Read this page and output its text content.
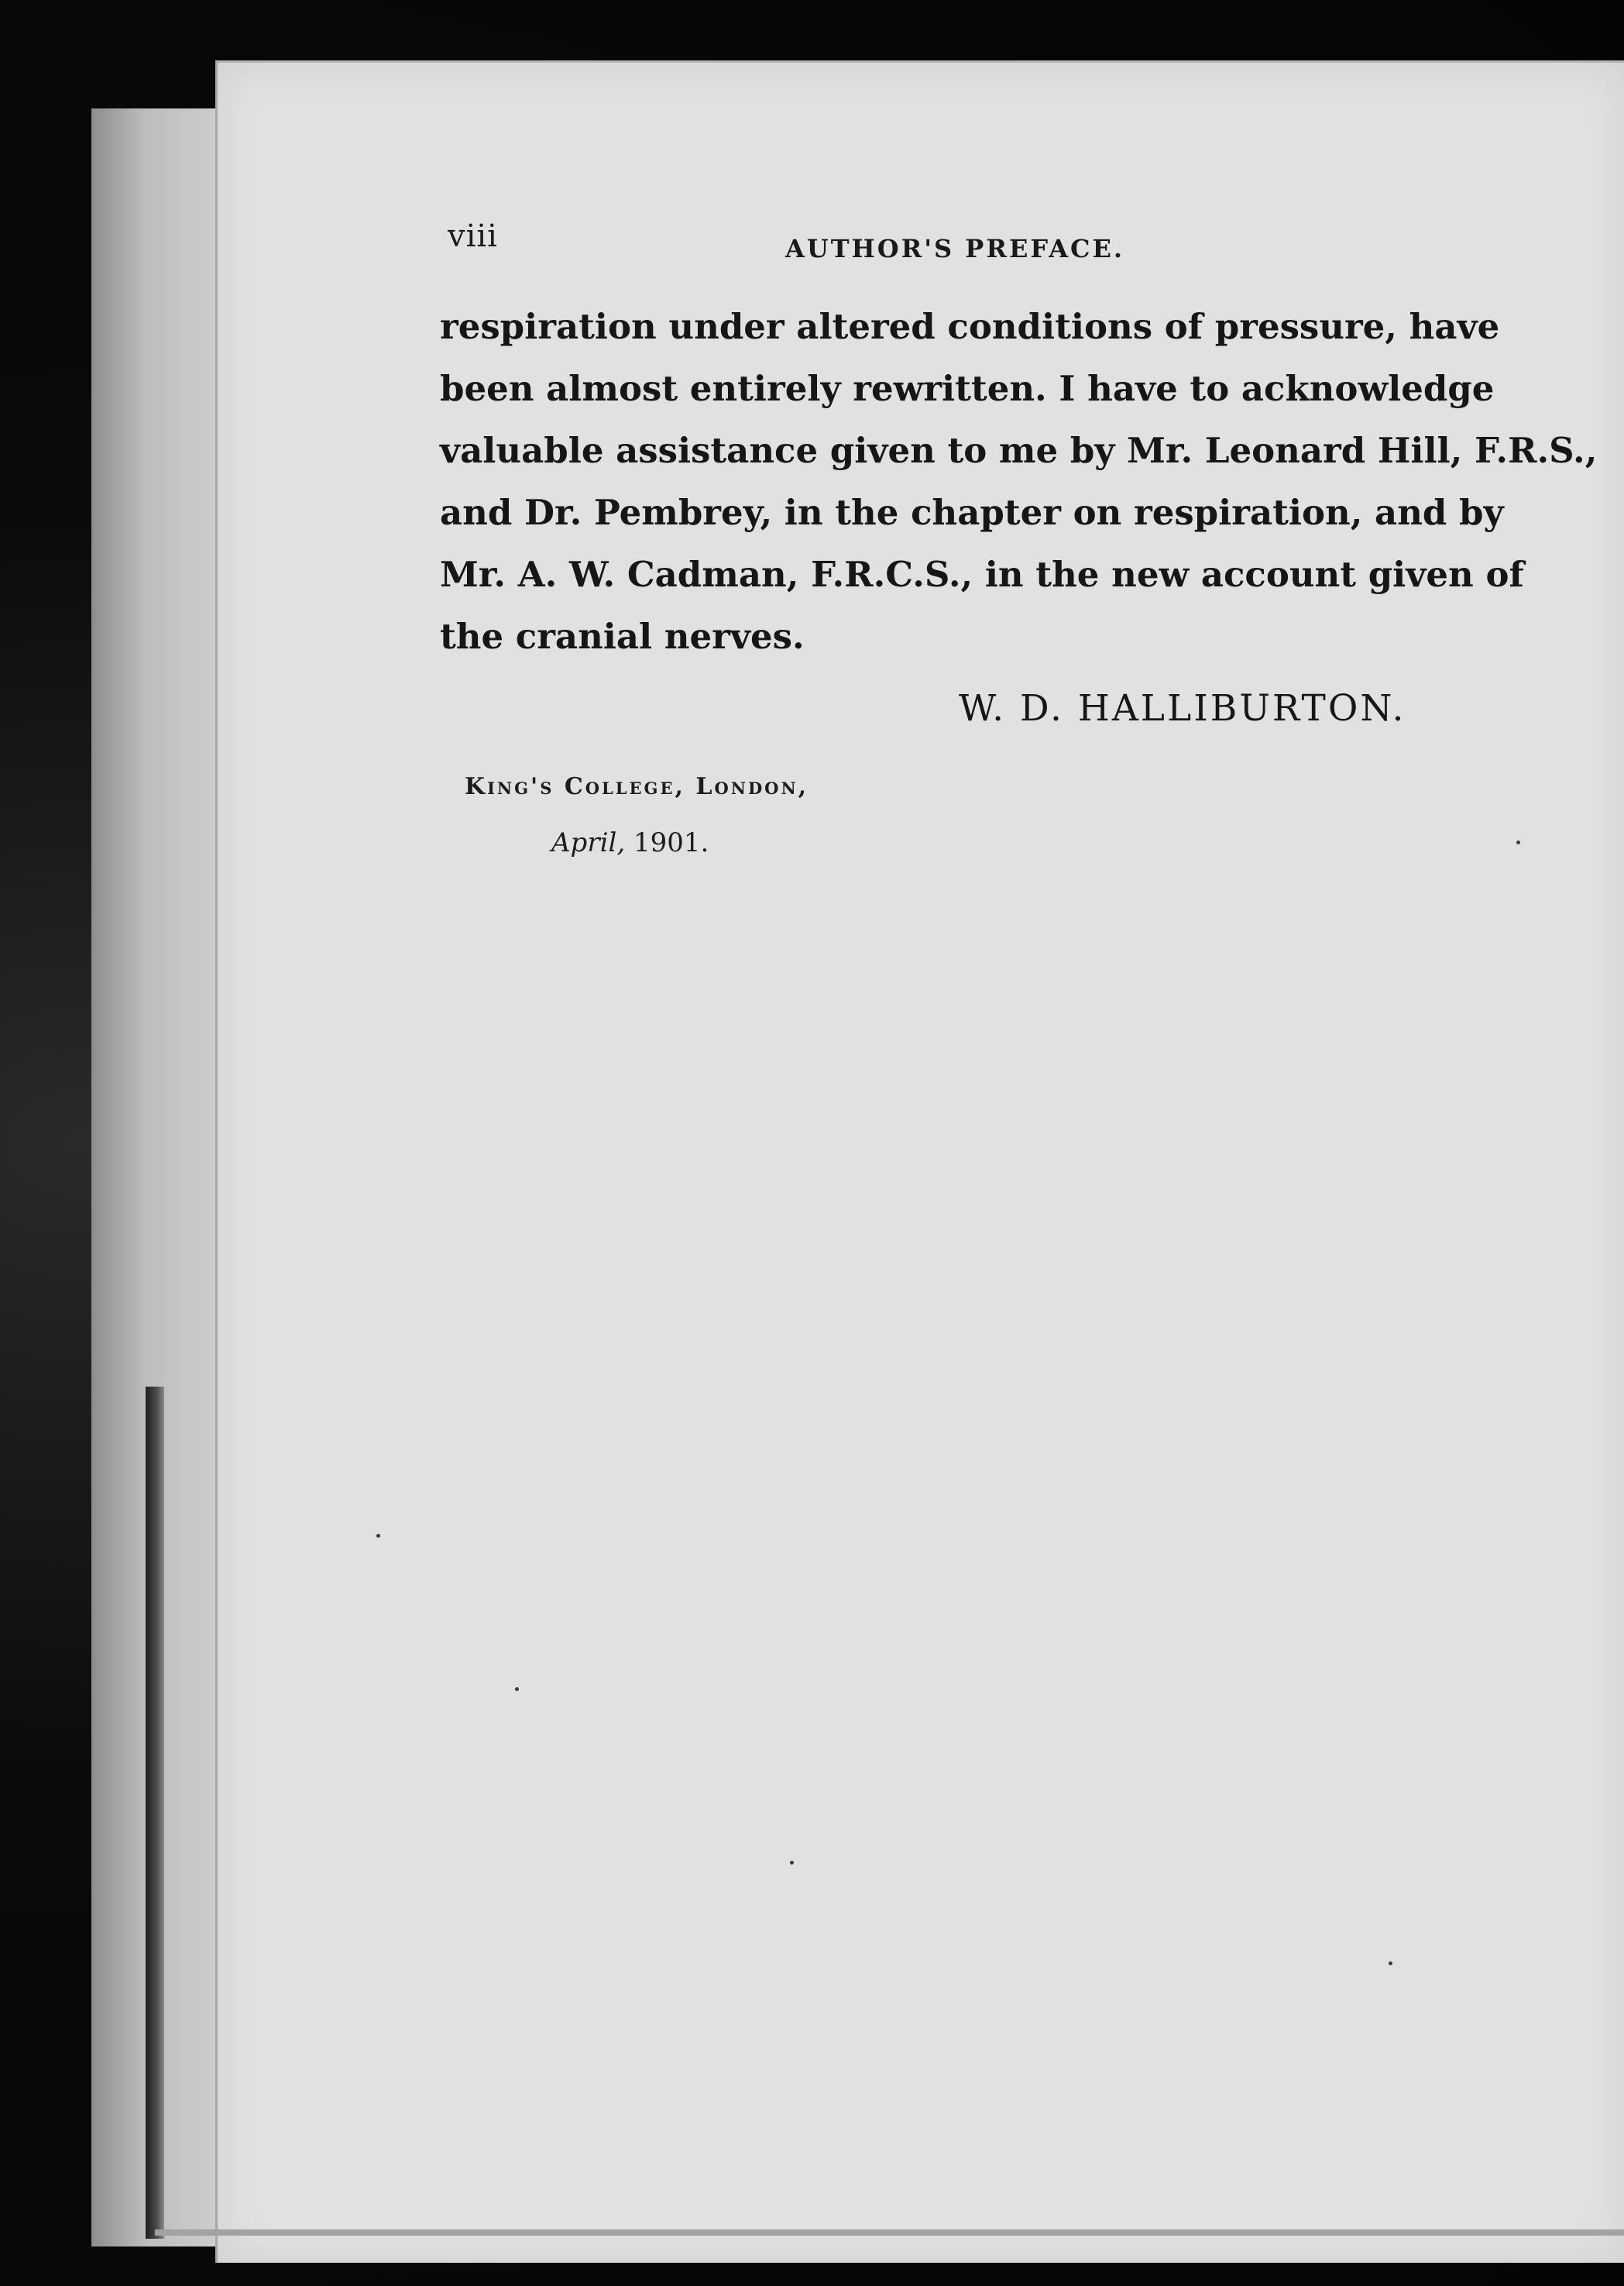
viii	AUTHOR'S PREFACE.
respiration under altered conditions of pressure, have
been almost entirely rewritten. I have to acknowledge
valuable assistance given to me by Mr. Leonard Hill, F.R.S.,
and Dr. Pembrey, in the chapter on respiration, and by
Mr. A. W. Cadman, F.R.C.S., in the new account given of
the cranial nerves.
W. D. HALLIBURTON.
King's College, London,
April, 1901.
